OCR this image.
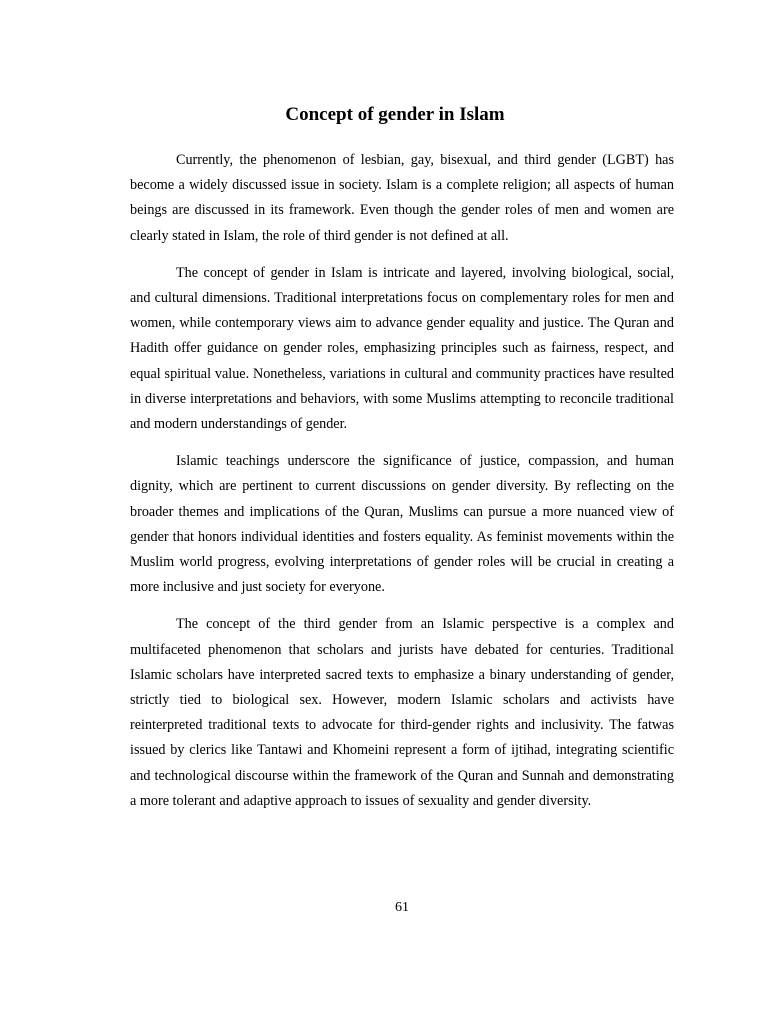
Concept of gender in Islam

Currently, the phenomenon of lesbian, gay, bisexual, and third gender (LGBT) has become a widely discussed issue in society. Islam is a complete religion; all aspects of human beings are discussed in its framework. Even though the gender roles of men and women are clearly stated in Islam, the role of third gender is not defined at all.

The concept of gender in Islam is intricate and layered, involving biological, social, and cultural dimensions. Traditional interpretations focus on complementary roles for men and women, while contemporary views aim to advance gender equality and justice. The Quran and Hadith offer guidance on gender roles, emphasizing principles such as fairness, respect, and equal spiritual value. Nonetheless, variations in cultural and community practices have resulted in diverse interpretations and behaviors, with some Muslims attempting to reconcile traditional and modern understandings of gender.

Islamic teachings underscore the significance of justice, compassion, and human dignity, which are pertinent to current discussions on gender diversity. By reflecting on the broader themes and implications of the Quran, Muslims can pursue a more nuanced view of gender that honors individual identities and fosters equality. As feminist movements within the Muslim world progress, evolving interpretations of gender roles will be crucial in creating a more inclusive and just society for everyone.

The concept of the third gender from an Islamic perspective is a complex and multifaceted phenomenon that scholars and jurists have debated for centuries. Traditional Islamic scholars have interpreted sacred texts to emphasize a binary understanding of gender, strictly tied to biological sex. However, modern Islamic scholars and activists have reinterpreted traditional texts to advocate for third-gender rights and inclusivity. The fatwas issued by clerics like Tantawi and Khomeini represent a form of ijtihad, integrating scientific and technological discourse within the framework of the Quran and Sunnah and demonstrating a more tolerant and adaptive approach to issues of sexuality and gender diversity.

61
